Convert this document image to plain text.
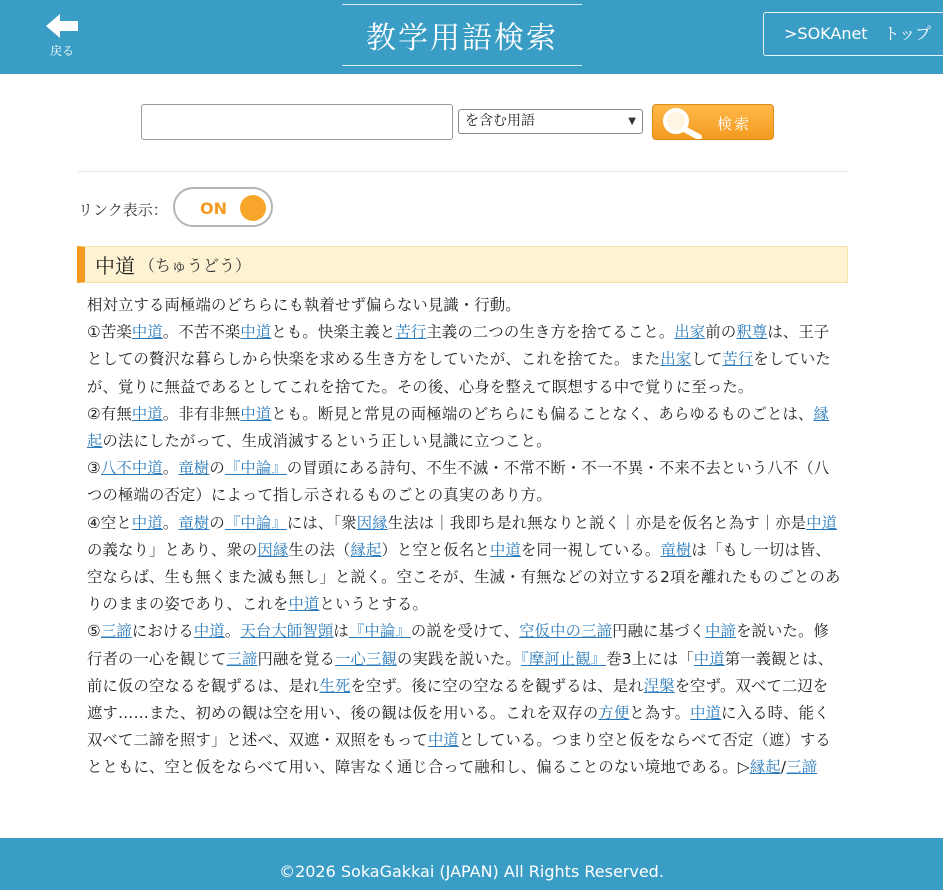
戻る	教学用語検索	>SOKAnet　トップ
を含む用語	▼	検索
リンク表示： ON
中道 （ちゅうどう）

相対立する両極端のどちらにも執着せず偏らない見識・行動。

①苦楽中道。不苦不楽中道とも。快楽主義と苦行主義の二つの生き方を捨てること。出家前の釈尊は、王子としての贅沢な暮らしから快楽を求める生き方をしていたが、これを捨てた。また出家して苦行をしていたが、覚りに無益であるとしてこれを捨てた。その後、心身を整えて瞑想する中で覚りに至った。

②有無中道。非有非無中道とも。断見と常見の両極端のどちらにも偏ることなく、あらゆるものごとは、縁起の法にしたがって、生成消滅するという正しい見識に立つこと。

③八不中道。竜樹の『中論』の冒頭にある詩句、不生不滅・不常不断・不一不異・不来不去という八不（八つの極端の否定）によって指し示されるものごとの真実のあり方。

④空と中道。竜樹の『中論』には、「衆因縁生法は｜我即ち是れ無なりと説く｜亦是を仮名と為す｜亦是中道の義なり」とあり、衆の因縁生の法（縁起）と空と仮名と中道を同一視している。竜樹は「もし一切は皆、空ならば、生も無くまた滅も無し」と説く。空こそが、生滅・有無などの対立する2項を離れたものごとのありのままの姿であり、これを中道というとする。

⑤三諦における中道。天台大師智顗は『中論』の説を受けて、空仮中の三諦円融に基づく中諦を説いた。修行者の一心を観じて三諦円融を覚る一心三観の実践を説いた。『摩訶止観』巻3上には「中道第一義観とは、前に仮の空なるを観ずるは、是れ生死を空ず。後に空の空なるを観ずるは、是れ涅槃を空ず。双べて二辺を遮す……また、初めの観は空を用い、後の観は仮を用いる。これを双存の方便と為す。中道に入る時、能く双べて二諦を照す」と述べ、双遮・双照をもって中道としている。つまり空と仮をならべて否定（遮）するとともに、空と仮をならべて用い、障害なく通じ合って融和し、偏ることのない境地である。▷縁起/三諦

©2026 SokaGakkai (JAPAN) All Rights Reserved.
